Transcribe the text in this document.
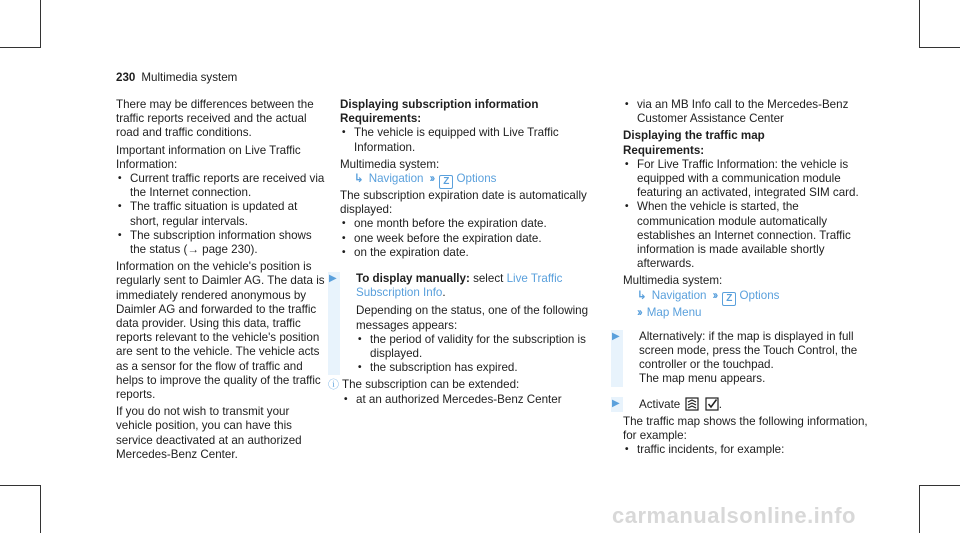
230 Multimedia system

There may be differences between the traffic reports received and the actual road and traffic conditions.

Important information on Live Traffic Information:

• Current traffic reports are received via the Internet connection.
• The traffic situation is updated at short, regular intervals.
• The subscription information shows the status (→ page 230).

Information on the vehicle's position is regularly sent to Daimler AG. The data is immediately rendered anonymous by Daimler AG and forwarded to the traffic data provider. Using this data, traffic reports relevant to the vehicle's position are sent to the vehicle. The vehicle acts as a sensor for the flow of traffic and helps to improve the quality of the traffic reports.

If you do not wish to transmit your vehicle position, you can have this service deactivated at an authorized Mercedes-Benz Center.

Displaying subscription information

Requirements:

• The vehicle is equipped with Live Traffic Information.

Multimedia system:

↳ Navigation ›› Z Options

The subscription expiration date is automatically displayed:

• one month before the expiration date.
• one week before the expiration date.
• on the expiration date.
▶

To display manually: select Live Traffic Subscription Info.

Depending on the status, one of the following messages appears:

• the period of validity for the subscription is displayed.
• the subscription has expired.
ⓘ The subscription can be extended:

• at an authorized Mercedes-Benz Center
• via an MB Info call to the Mercedes-Benz Customer Assistance Center

Displaying the traffic map

Requirements:

• For Live Traffic Information: the vehicle is equipped with a communication module featuring an activated, integrated SIM card.
• When the vehicle is started, the communication module automatically establishes an Internet connection. Traffic information is made available shortly afterwards.

Multimedia system:

↳ Navigation ›› Z Options

›› Map Menu

▶

Alternatively: if the map is displayed in full screen mode, press the Touch Control, the controller or the touchpad.

The map menu appears.

▶

Activate	.

The traffic map shows the following information, for example:

• traffic incidents, for example:
carmanualsonline.info
